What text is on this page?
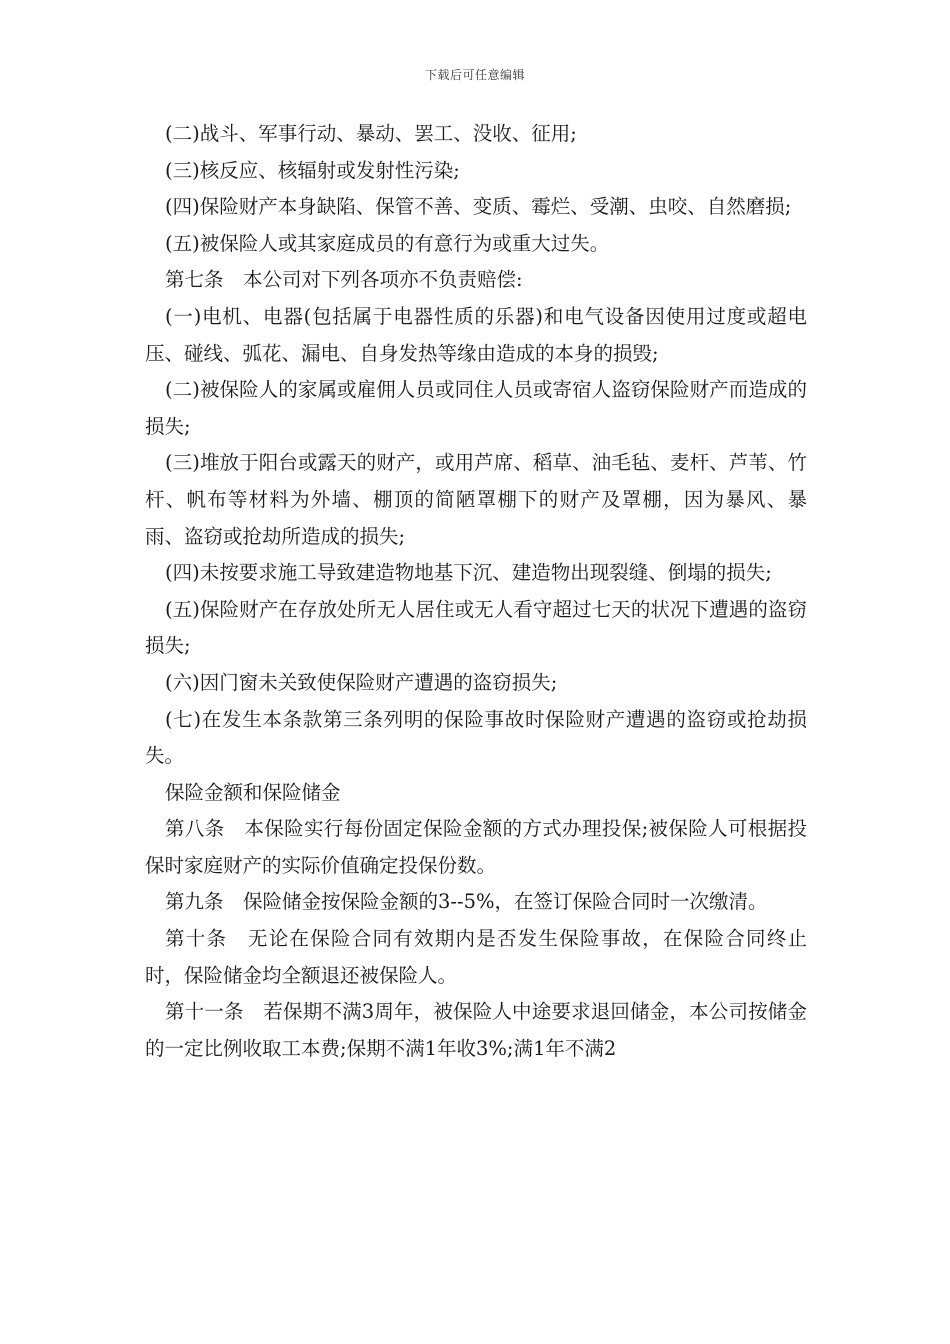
下载后可任意编辑

(二)战斗、军事行动、暴动、罢工、没收、征用;

(三)核反应、核辐射或发射性污染;

(四)保险财产本身缺陷、保管不善、变质、霉烂、受潮、虫咬、自然磨损;

(五)被保险人或其家庭成员的有意行为或重大过失。

第七条　本公司对下列各项亦不负责赔偿:

(一)电机、电器(包括属于电器性质的乐器)和电气设备因使用过度或超电压、碰线、弧花、漏电、自身发热等缘由造成的本身的损毁;

(二)被保险人的家属或雇佣人员或同住人员或寄宿人盗窃保险财产而造成的损失;

(三)堆放于阳台或露天的财产，或用芦席、稻草、油毛毡、麦杆、芦苇、竹杆、帆布等材料为外墙、棚顶的简陋罩棚下的财产及罩棚，因为暴风、暴雨、盗窃或抢劫所造成的损失;

(四)未按要求施工导致建造物地基下沉、建造物出现裂缝、倒塌的损失;

(五)保险财产在存放处所无人居住或无人看守超过七天的状况下遭遇的盗窃损失;

(六)因门窗未关致使保险财产遭遇的盗窃损失;

(七)在发生本条款第三条列明的保险事故时保险财产遭遇的盗窃或抢劫损失。

保险金额和保险储金

第八条　本保险实行每份固定保险金额的方式办理投保;被保险人可根据投保时家庭财产的实际价值确定投保份数。

第九条　保险储金按保险金额的3--5%，在签订保险合同时一次缴清。

第十条　无论在保险合同有效期内是否发生保险事故，在保险合同终止时，保险储金均全额退还被保险人。

第十一条　若保期不满3周年，被保险人中途要求退回储金，本公司按储金的一定比例收取工本费;保期不满1年收3%;满1年不满2
